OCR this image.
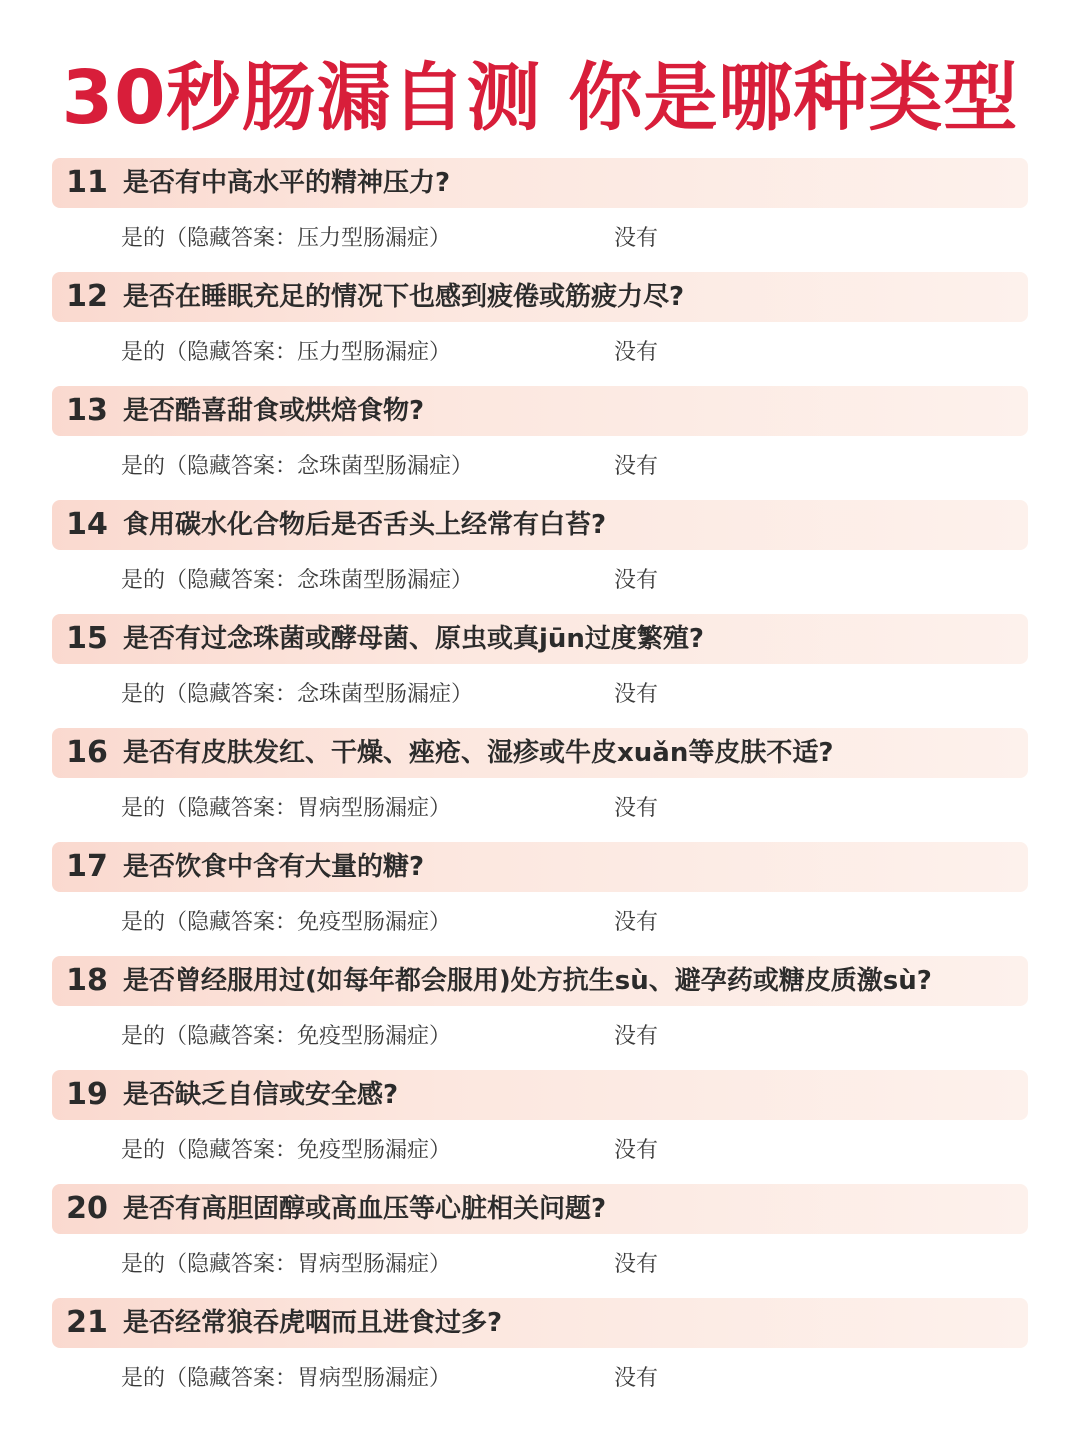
30秒肠漏自测 你是哪种类型
11 是否有中高水平的精神压力?
是的（隐藏答案：压力型肠漏症）	没有
12 是否在睡眠充足的情况下也感到疲倦或筋疲力尽?
是的（隐藏答案：压力型肠漏症）	没有
13 是否酷喜甜食或烘焙食物?
是的（隐藏答案：念珠菌型肠漏症）	没有
14 食用碳水化合物后是否舌头上经常有白苔?
是的（隐藏答案：念珠菌型肠漏症）	没有
15 是否有过念珠菌或酵母菌、原虫或真jūn过度繁殖?
是的（隐藏答案：念珠菌型肠漏症）	没有
16 是否有皮肤发红、干燥、痤疮、湿疹或牛皮xuǎn等皮肤不适?
是的（隐藏答案：胃病型肠漏症）	没有
17 是否饮食中含有大量的糖?
是的（隐藏答案：免疫型肠漏症）	没有
18 是否曾经服用过(如每年都会服用)处方抗生sù、避孕药或糖皮质激sù?
是的（隐藏答案：免疫型肠漏症）	没有
19 是否缺乏自信或安全感?
是的（隐藏答案：免疫型肠漏症）	没有
20 是否有高胆固醇或高血压等心脏相关问题?
是的（隐藏答案：胃病型肠漏症）	没有
21 是否经常狼吞虎咽而且进食过多?
是的（隐藏答案：胃病型肠漏症）	没有
